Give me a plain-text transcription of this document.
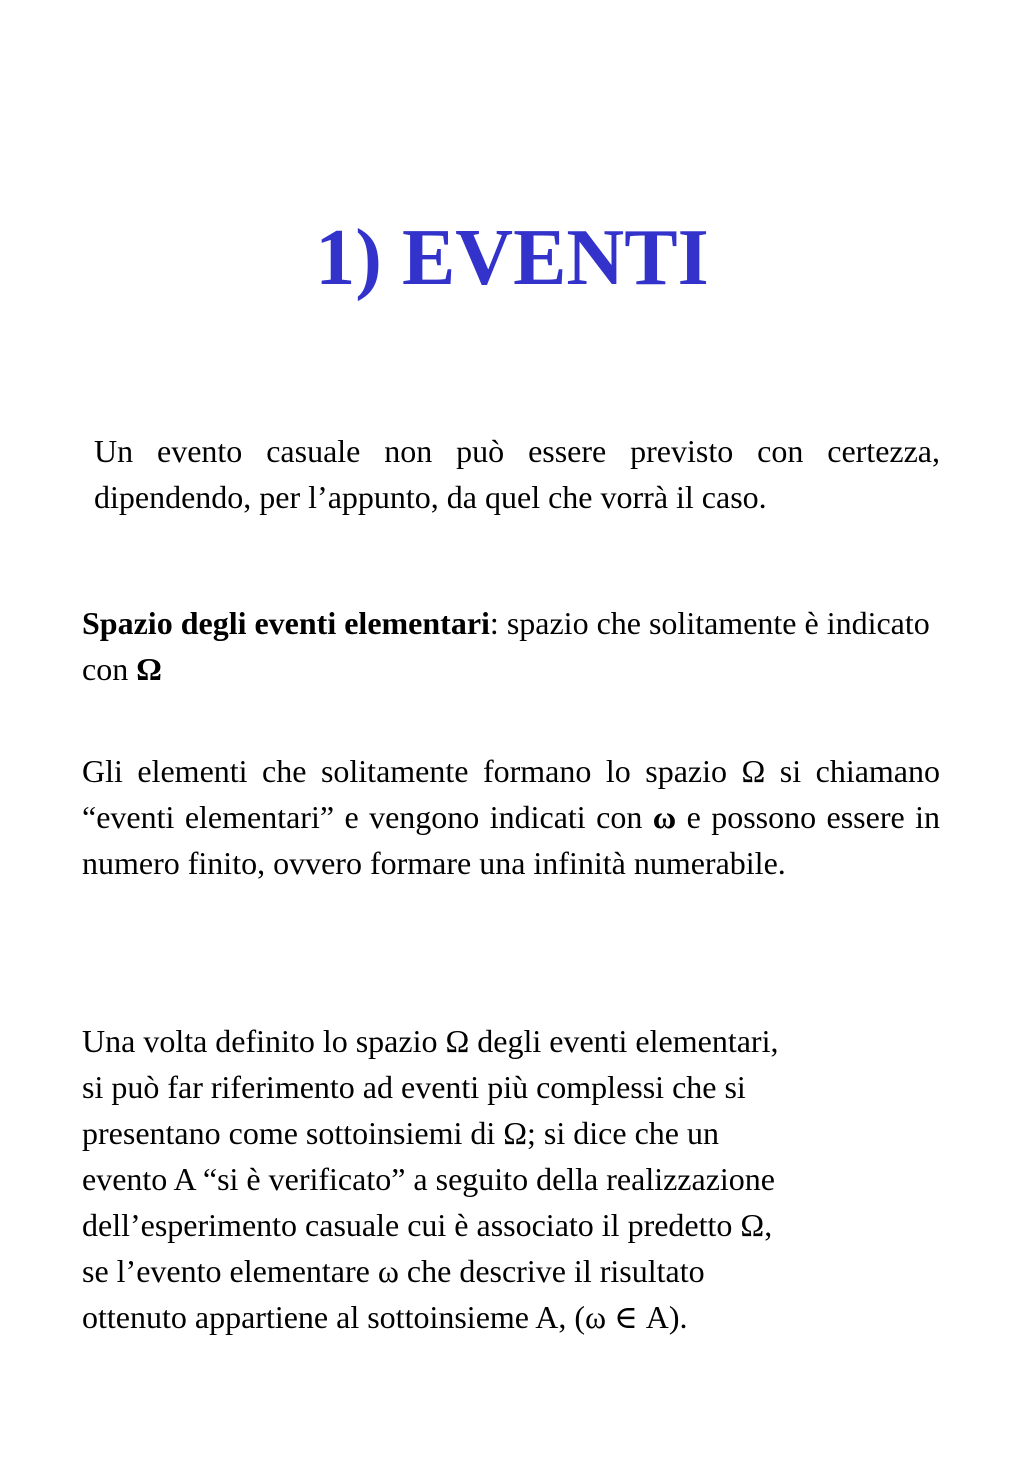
1) EVENTI

Un evento casuale non può essere previsto con certezza, dipendendo, per l’appunto, da quel che vorrà il caso.

Spazio degli eventi elementari: spazio che solitamente è indicato con Ω

Gli elementi che solitamente formano lo spazio Ω si chiamano “eventi elementari” e vengono indicati con ω e possono essere in numero finito, ovvero formare una infinità numerabile.

Una volta definito lo spazio Ω degli eventi elementari,
si può far riferimento ad eventi più complessi che si
presentano come sottoinsiemi di Ω; si dice che un
evento A “si è verificato” a seguito della realizzazione
dell’esperimento casuale cui è associato il predetto Ω,
se l’evento elementare ω che descrive il risultato
ottenuto appartiene al sottoinsieme A, (ω ∈ A).
